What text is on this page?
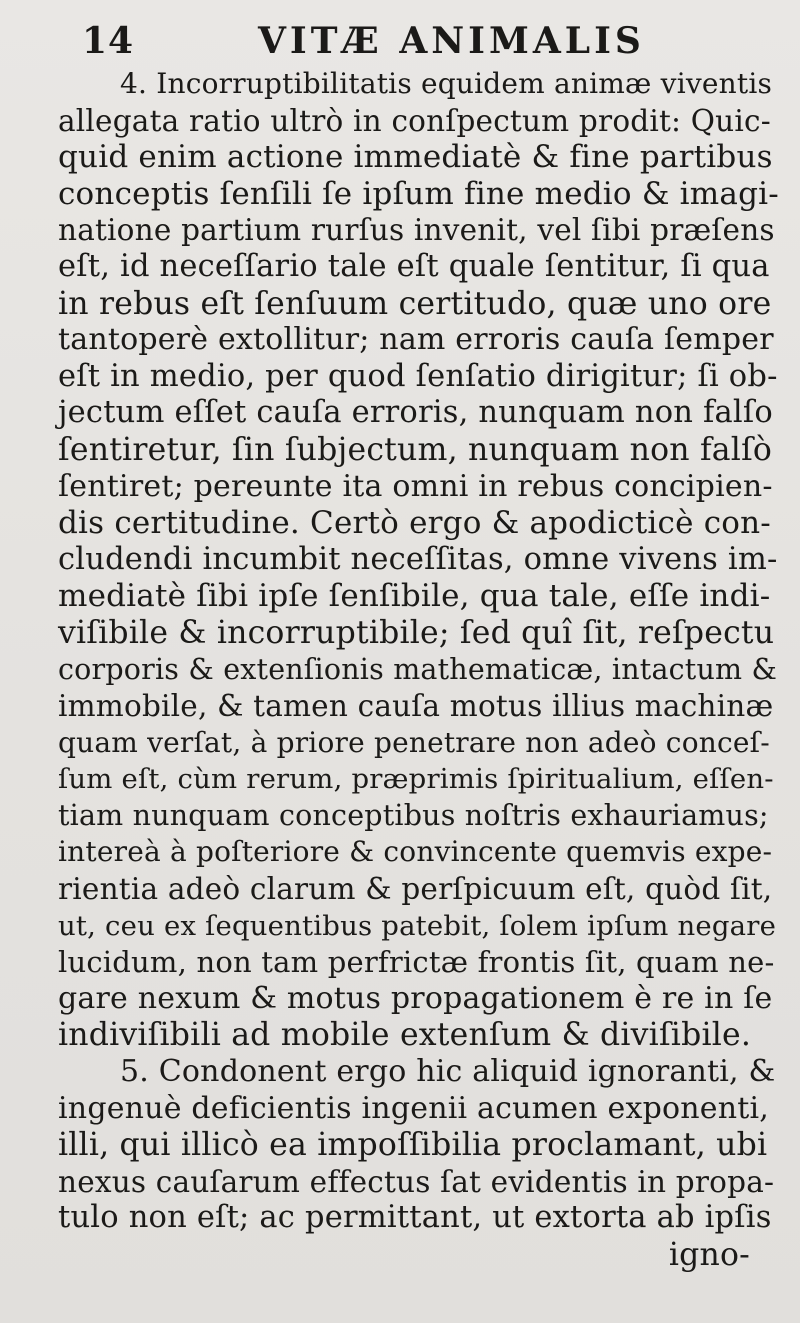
14	VITÆ ANIMALIS
4. Incorruptibilitatis equidem animæ viventis
allegata ratio ultrò in conſpectum prodit: Quic-
quid enim actione immediatè & fine partibus
conceptis ſenſili ſe ipſum fine medio & imagi-
natione partium rurſus invenit, vel ſibi præſens
eſt, id neceſſario tale eſt quale ſentitur, ſi qua
in rebus eſt ſenſuum certitudo, quæ uno ore
tantoperè extollitur; nam erroris cauſa ſemper
eſt in medio, per quod ſenſatio dirigitur; ſi ob-
jectum eſſet cauſa erroris, nunquam non falſo
ſentiretur, ſin ſubjectum, nunquam non falſò
ſentiret; pereunte ita omni in rebus concipien-
dis certitudine. Certò ergo & apodicticè con-
cludendi incumbit neceſſitas, omne vivens im-
mediatè ſibi ipſe ſenſibile, qua tale, eſſe indi-
viſibile & incorruptibile; ſed quî ſit, reſpectu
corporis & extenſionis mathematicæ, intactum &
immobile, & tamen cauſa motus illius machinæ
quam verſat, à priore penetrare non adeò conceſ-
ſum eſt, cùm rerum, præprimis ſpiritualium, eſſen-
tiam nunquam conceptibus noſtris exhauriamus;
intereà à poſteriore & convincente quemvis expe-
rientia adeò clarum & perſpicuum eſt, quòd ſit,
ut, ceu ex ſequentibus patebit, ſolem ipſum negare
lucidum, non tam perfrictæ frontis ſit, quam ne-
gare nexum & motus propagationem è re in ſe
indiviſibili ad mobile extenſum & diviſibile.
5. Condonent ergo hic aliquid ignoranti, &
ingenuè deficientis ingenii acumen exponenti,
illi, qui illicò ea impoſſibilia proclamant, ubi
nexus cauſarum effectus ſat evidentis in propa-
tulo non eſt; ac permittant, ut extorta ab ipſis
igno-
